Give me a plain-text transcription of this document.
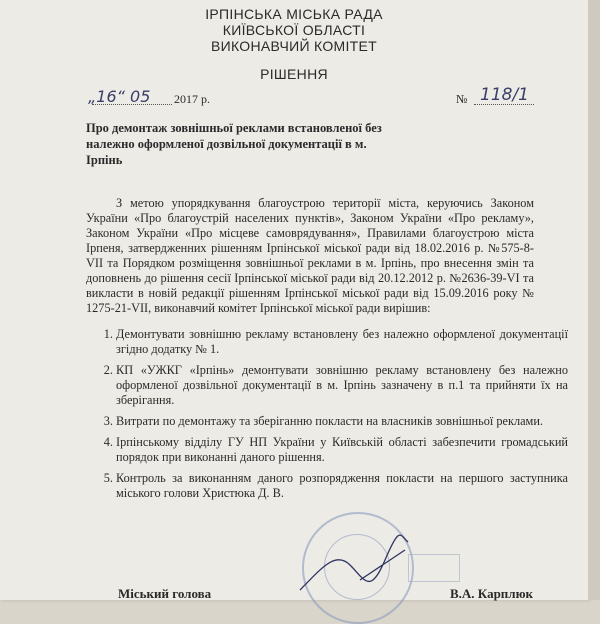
ІРПІНСЬКА МІСЬКА РАДА
КИЇВСЬКОЇ ОБЛАСТІ
ВИКОНАВЧИЙ КОМІТЕТ
РІШЕННЯ
„16“ 05 2017 р.	№ 118/1
Про демонтаж зовнішньої реклами встановленої без належно оформленої дозвільної документації в м. Ірпінь
З метою упорядкування благоустрою території міста, керуючись Законом України «Про благоустрій населених пунктів», Законом України «Про рекламу», Законом України «Про місцеве самоврядування», Правилами благоустрою міста Ірпеня, затвердженних рішенням Ірпінської міської ради від 18.02.2016 р. №575-8-VII та Порядком розміщення зовнішньої реклами в м. Ірпінь, про внесення змін та доповнень до рішення сесії Ірпінської міської ради від 20.12.2012 р. №2636-39-VI та викласти в новій редакції рішенням Ірпінської міської ради від 15.09.2016 року № 1275-21-VII, виконавчий комітет Ірпінської міської ради вирішив:
1. Демонтувати зовнішню рекламу встановлену без належно оформленої документації згідно додатку № 1.
2. КП «УЖКГ «Ірпінь» демонтувати зовнішню рекламу встановлену без належно оформленої дозвільної документації в м. Ірпінь зазначену в п.1 та прийняти їх на зберігання.
3. Витрати по демонтажу та зберіганню покласти на власників зовнішньої реклами.
4. Ірпінському відділу ГУ НП України у Київській області забезпечити громадський порядок при виконанні даного рішення.
5. Контроль за виконанням даного розпорядження покласти на першого заступника міського голови Христюка Д. В.
Міський голова	В.А. Карплюк
